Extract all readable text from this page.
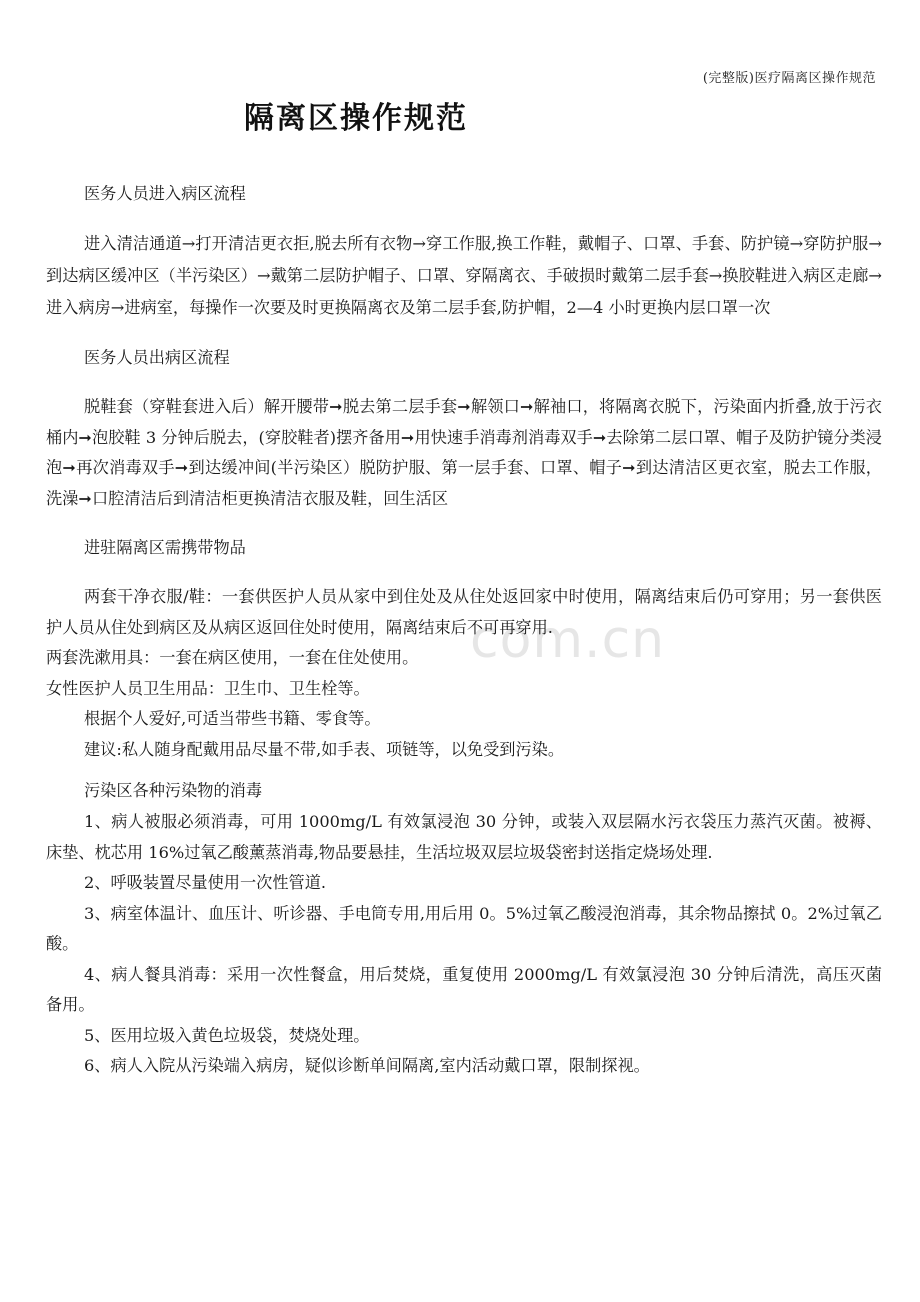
(完整版)医疗隔离区操作规范
隔离区操作规范
com.cn
医务人员进入病区流程
进入清洁通道→打开清洁更衣拒,脱去所有衣物→穿工作服,换工作鞋，戴帽子、口罩、手套、防护镜→穿防护服→到达病区缓冲区（半污染区）→戴第二层防护帽子、口罩、穿隔离衣、手破损时戴第二层手套→换胶鞋进入病区走廊→进入病房→进病室，每操作一次要及时更换隔离衣及第二层手套,防护帽，2—4 小时更换内层口罩一次
医务人员出病区流程
脱鞋套（穿鞋套进入后）解开腰带➞脱去第二层手套➞解领口➞解袖口，将隔离衣脱下，污染面内折叠,放于污衣桶内➞泡胶鞋 3 分钟后脱去，(穿胶鞋者)摆齐备用➞用快速手消毒剂消毒双手➞去除第二层口罩、帽子及防护镜分类浸泡➞再次消毒双手➞到达缓冲间(半污染区）脱防护服、第一层手套、口罩、帽子➞到达清洁区更衣室，脱去工作服，洗澡➞口腔清洁后到清洁柜更换清洁衣服及鞋，回生活区
进驻隔离区需携带物品
两套干净衣服/鞋：一套供医护人员从家中到住处及从住处返回家中时使用，隔离结束后仍可穿用；另一套供医护人员从住处到病区及从病区返回住处时使用，隔离结束后不可再穿用.
两套洗漱用具：一套在病区使用，一套在住处使用。
女性医护人员卫生用品：卫生巾、卫生栓等。
根据个人爱好,可适当带些书籍、零食等。
建议:私人随身配戴用品尽量不带,如手表、项链等，以免受到污染。
污染区各种污染物的消毒
1、病人被服必须消毒，可用 1000mg/L 有效氯浸泡 30 分钟，或装入双层隔水污衣袋压力蒸汽灭菌。被褥、床垫、枕芯用 16%过氧乙酸薰蒸消毒,物品要悬挂，生活垃圾双层垃圾袋密封送指定烧场处理.
2、呼吸装置尽量使用一次性管道.
3、病室体温计、血压计、听诊器、手电筒专用,用后用 0。5%过氧乙酸浸泡消毒，其余物品擦拭 0。2%过氧乙酸。
4、病人餐具消毒：采用一次性餐盒，用后焚烧，重复使用 2000mg/L 有效氯浸泡 30 分钟后清洗，高压灭菌备用。
5、医用垃圾入黄色垃圾袋，焚烧处理。
6、病人入院从污染端入病房，疑似诊断单间隔离,室内活动戴口罩，限制探视。
